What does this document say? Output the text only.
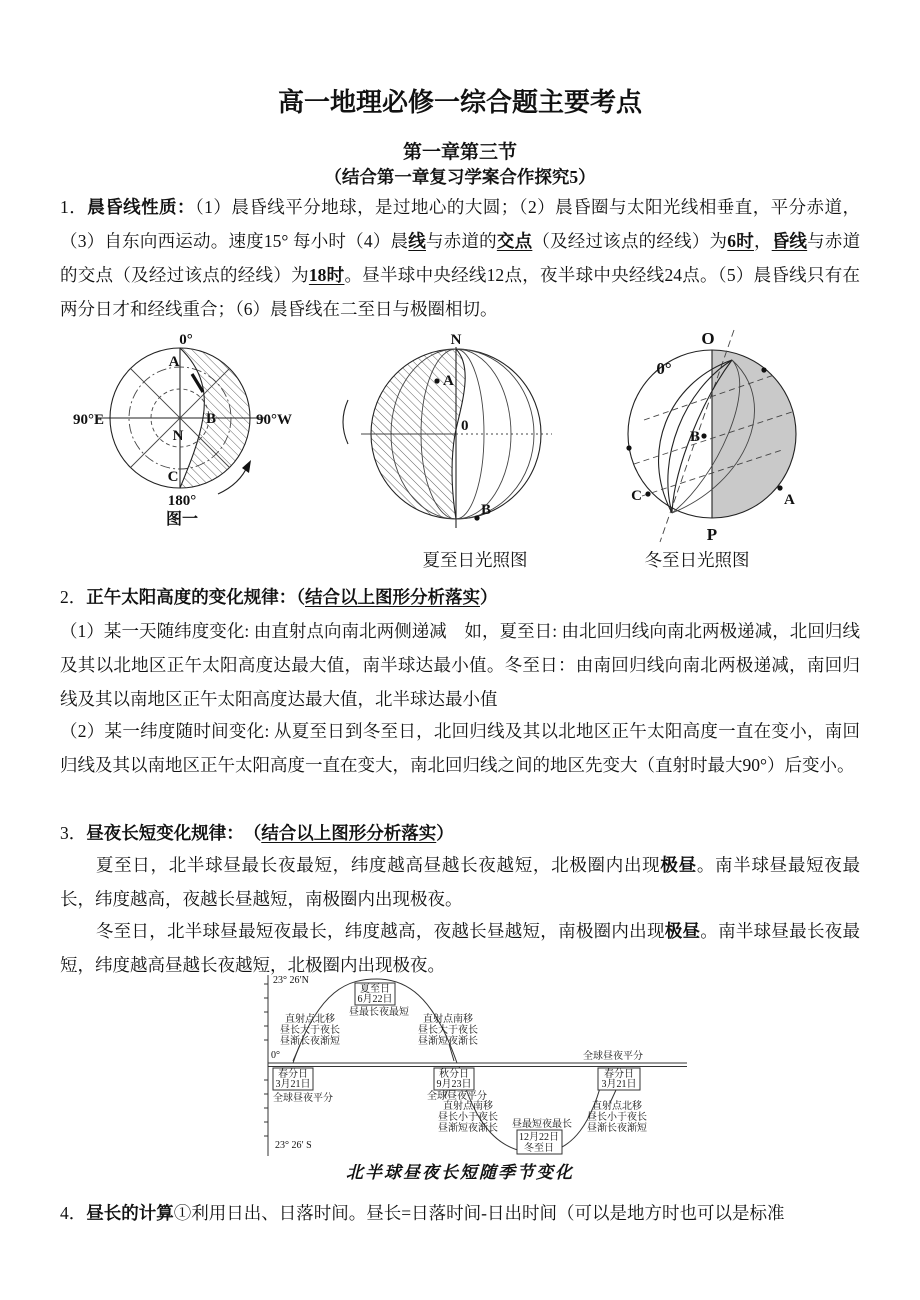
高一地理必修一综合题主要考点
第一章第三节
（结合第一章复习学案合作探究5）
1．晨昏线性质：（1）晨昏线平分地球，是过地心的大圆；（2）晨昏圈与太阳光线相垂直，平分赤道，（3）自东向西运动。速度15° 每小时（4）晨线与赤道的交点（及经过该点的经线）为6时，昏线与赤道的交点（及经过该点的经线）为18时。昼半球中央经线12点，夜半球中央经线24点。（5）晨昏线只有在两分日才和经线重合；（6）晨昏线在二至日与极圈相切。
0°
A
90°E	90°W
B
N
C
180°
图一
N
A
0
B
O
0°
B
C	A
P
夏至日光照图	冬至日光照图
2．正午太阳高度的变化规律：（结合以上图形分析落实）
（1）某一天随纬度变化: 由直射点向南北两侧递减　如，夏至日: 由北回归线向南北两极递减，北回归线及其以北地区正午太阳高度达最大值，南半球达最小值。冬至日：由南回归线向南北两极递减，南回归线及其以南地区正午太阳高度达最大值，北半球达最小值
（2）某一纬度随时间变化: 从夏至日到冬至日，北回归线及其以北地区正午太阳高度一直在变小，南回归线及其以南地区正午太阳高度一直在变大，南北回归线之间的地区先变大（直射时最大90°）后变小。
3．昼夜长短变化规律：　 （结合以上图形分析落实）
夏至日，北半球昼最长夜最短，纬度越高昼越长夜越短，北极圈内出现极昼。南半球昼最短夜最长，纬度越高，夜越长昼越短，南极圈内出现极夜。
冬至日，北半球昼最短夜最长，纬度越高，夜越长昼越短，南极圈内出现极昼。南半球昼最长夜最短，纬度越高昼越长夜越短，北极圈内出现极夜。
夏至日
6月22日
昼最长夜最短
春分日
3月21日
秋分日
9月23日
春分日
3月21日
昼最短夜最长
12月22日
冬至日
23° 26′N
0°
23° 26′ S
全球昼夜平分
全球昼夜平分	全球昼夜平分
直射点北移
昼长大于夜长
昼渐长夜渐短
直射点南移
昼长大于夜长
昼渐短夜渐长
直射点南移
昼长小于夜长
昼渐短夜渐长
直射点北移
昼长小于夜长
昼渐长夜渐短
北半球昼夜长短随季节变化
4．昼长的计算①利用日出、日落时间。昼长=日落时间-日出时间（可以是地方时也可以是标准
